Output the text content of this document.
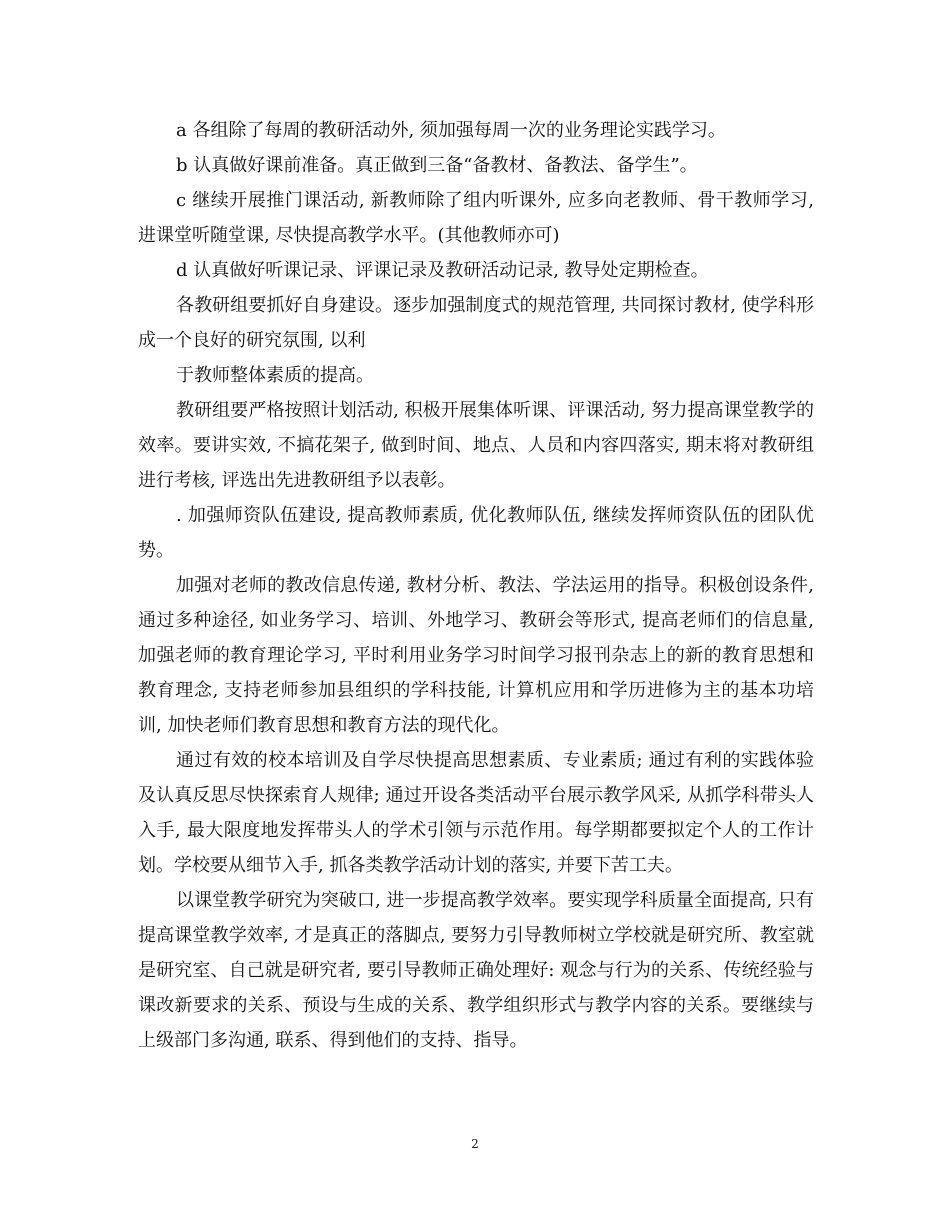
a 各组除了每周的教研活动外, 须加强每周一次的业务理论实践学习。

b 认真做好课前准备。真正做到三备“备教材、备教法、备学生”。

c 继续开展推门课活动, 新教师除了组内听课外, 应多向老教师、骨干教师学习, 进课堂听随堂课, 尽快提高教学水平。(其他教师亦可)

d 认真做好听课记录、评课记录及教研活动记录, 教导处定期检查。

各教研组要抓好自身建设。逐步加强制度式的规范管理, 共同探讨教材, 使学科形成一个良好的研究氛围, 以利

于教师整体素质的提高。

教研组要严格按照计划活动, 积极开展集体听课、评课活动, 努力提高课堂教学的效率。要讲实效, 不搞花架子, 做到时间、地点、人员和内容四落实, 期末将对教研组进行考核, 评选出先进教研组予以表彰。

. 加强师资队伍建设, 提高教师素质, 优化教师队伍, 继续发挥师资队伍的团队优势。

加强对老师的教改信息传递, 教材分析、教法、学法运用的指导。积极创设条件, 通过多种途径, 如业务学习、培训、外地学习、教研会等形式, 提高老师们的信息量, 加强老师的教育理论学习, 平时利用业务学习时间学习报刊杂志上的新的教育思想和教育理念, 支持老师参加县组织的学科技能, 计算机应用和学历进修为主的基本功培训, 加快老师们教育思想和教育方法的现代化。

通过有效的校本培训及自学尽快提高思想素质、专业素质; 通过有利的实践体验及认真反思尽快探索育人规律; 通过开设各类活动平台展示教学风采, 从抓学科带头人入手, 最大限度地发挥带头人的学术引领与示范作用。每学期都要拟定个人的工作计划。学校要从细节入手, 抓各类教学活动计划的落实, 并要下苦工夫。

以课堂教学研究为突破口, 进一步提高教学效率。要实现学科质量全面提高, 只有提高课堂教学效率, 才是真正的落脚点, 要努力引导教师树立学校就是研究所、教室就是研究室、自己就是研究者, 要引导教师正确处理好: 观念与行为的关系、传统经验与课改新要求的关系、预设与生成的关系、教学组织形式与教学内容的关系。要继续与上级部门多沟通, 联系、得到他们的支持、指导。

2
